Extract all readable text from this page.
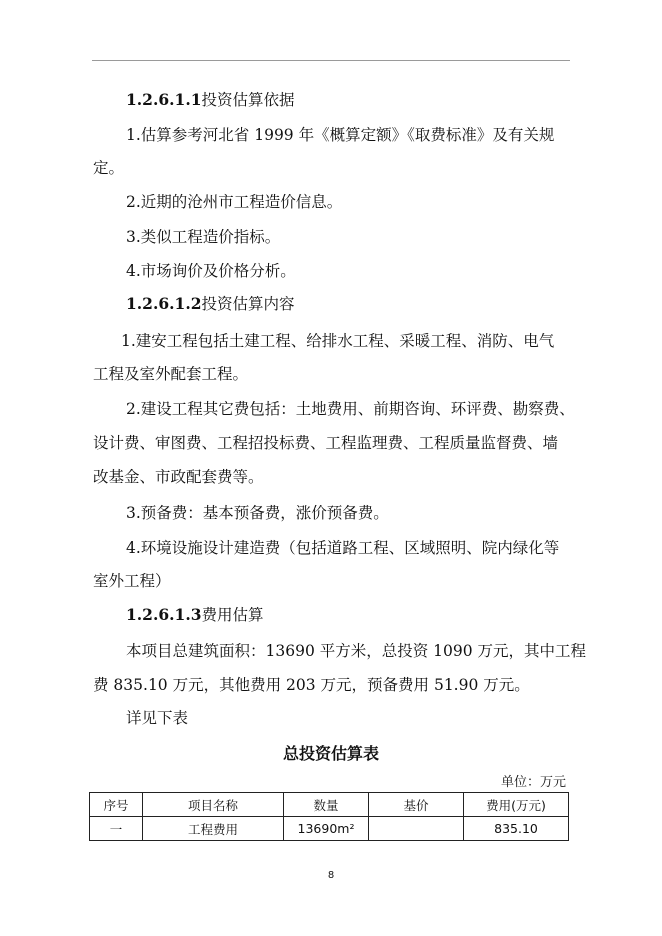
1.2.6.1.1投资估算依据
1.估算参考河北省 1999 年《概算定额》《取费标准》及有关规
定。
2.近期的沧州市工程造价信息。
3.类似工程造价指标。
4.市场询价及价格分析。
1.2.6.1.2投资估算内容
1.建安工程包括土建工程、给排水工程、采暖工程、消防、电气
工程及室外配套工程。
2.建设工程其它费包括：土地费用、前期咨询、环评费、勘察费、
设计费、审图费、工程招投标费、工程监理费、工程质量监督费、墙
改基金、市政配套费等。
3.预备费：基本预备费，涨价预备费。
4.环境设施设计建造费（包括道路工程、区域照明、院内绿化等
室外工程）
1.2.6.1.3费用估算
本项目总建筑面积：13690 平方米，总投资 1090 万元，其中工程
费 835.10 万元，其他费用 203 万元，预备费用 51.90 万元。
详见下表
总投资估算表
单位：万元
序号	项目名称	数量	基价	费用(万元)
一	工程费用	13690m²		835.10
8
